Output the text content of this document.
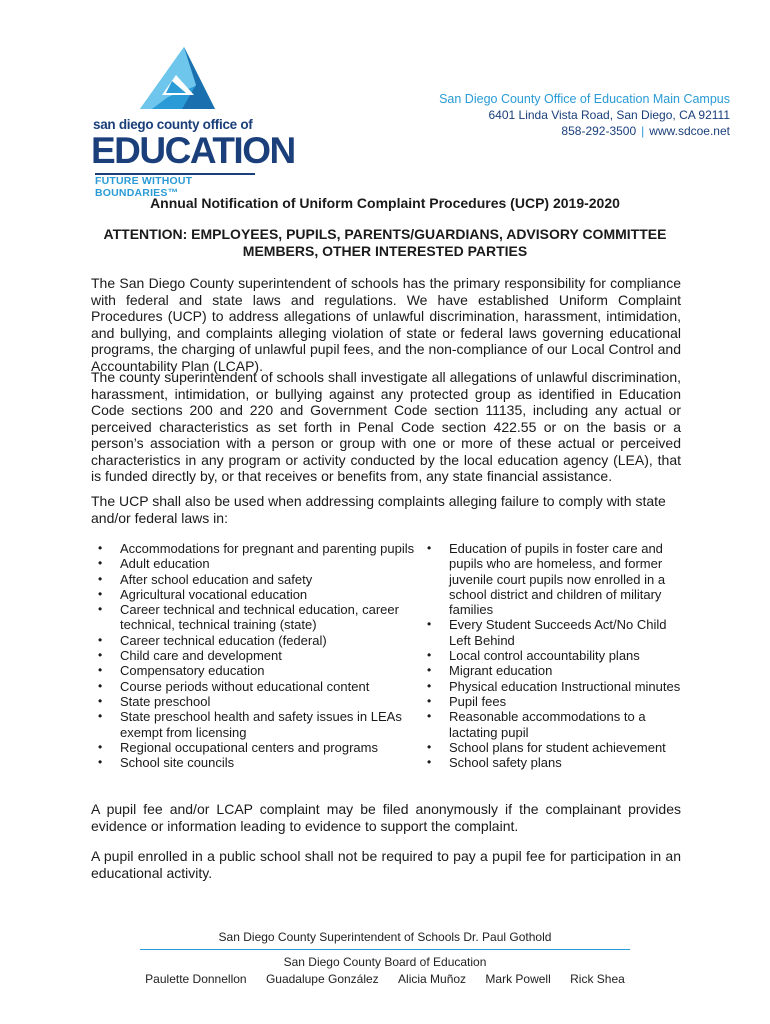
san diego county office of
EDUCATION
FUTURE WITHOUT BOUNDARIES™
San Diego County Office of Education Main Campus
6401 Linda Vista Road, San Diego, CA 92111
858-292-3500 | www.sdcoe.net
Annual Notification of Uniform Complaint Procedures (UCP) 2019-2020
ATTENTION: EMPLOYEES, PUPILS, PARENTS/GUARDIANS, ADVISORY COMMITTEE MEMBERS, OTHER INTERESTED PARTIES
The San Diego County superintendent of schools has the primary responsibility for compliance with federal and state laws and regulations. We have established Uniform Complaint Procedures (UCP) to address allegations of unlawful discrimination, harassment, intimidation, and bullying, and complaints alleging violation of state or federal laws governing educational programs, the charging of unlawful pupil fees, and the non-compliance of our Local Control and Accountability Plan (LCAP).
The county superintendent of schools shall investigate all allegations of unlawful discrimination, harassment, intimidation, or bullying against any protected group as identified in Education Code sections 200 and 220 and Government Code section 11135, including any actual or perceived characteristics as set forth in Penal Code section 422.55 or on the basis or a person’s association with a person or group with one or more of these actual or perceived characteristics in any program or activity conducted by the local education agency (LEA), that is funded directly by, or that receives or benefits from, any state financial assistance.
The UCP shall also be used when addressing complaints alleging failure to comply with state and/or federal laws in:
• Accommodations for pregnant and parenting pupils
• Adult education
• After school education and safety
• Agricultural vocational education
• Career technical and technical education, career technical, technical training (state)
• Career technical education (federal)
• Child care and development
• Compensatory education
• Course periods without educational content
• State preschool
• State preschool health and safety issues in LEAs exempt from licensing
• Regional occupational centers and programs
• School site councils
• Education of pupils in foster care and pupils who are homeless, and former juvenile court pupils now enrolled in a school district and children of military families
• Every Student Succeeds Act/No Child Left Behind
• Local control accountability plans
• Migrant education
• Physical education Instructional minutes
• Pupil fees
• Reasonable accommodations to a lactating pupil
• School plans for student achievement
• School safety plans
A pupil fee and/or LCAP complaint may be filed anonymously if the complainant provides evidence or information leading to evidence to support the complaint.
A pupil enrolled in a public school shall not be required to pay a pupil fee for participation in an educational activity.
San Diego County Superintendent of Schools Dr. Paul Gothold
San Diego County Board of Education
Paulette Donnellon Guadalupe González Alicia Muñoz Mark Powell Rick Shea
